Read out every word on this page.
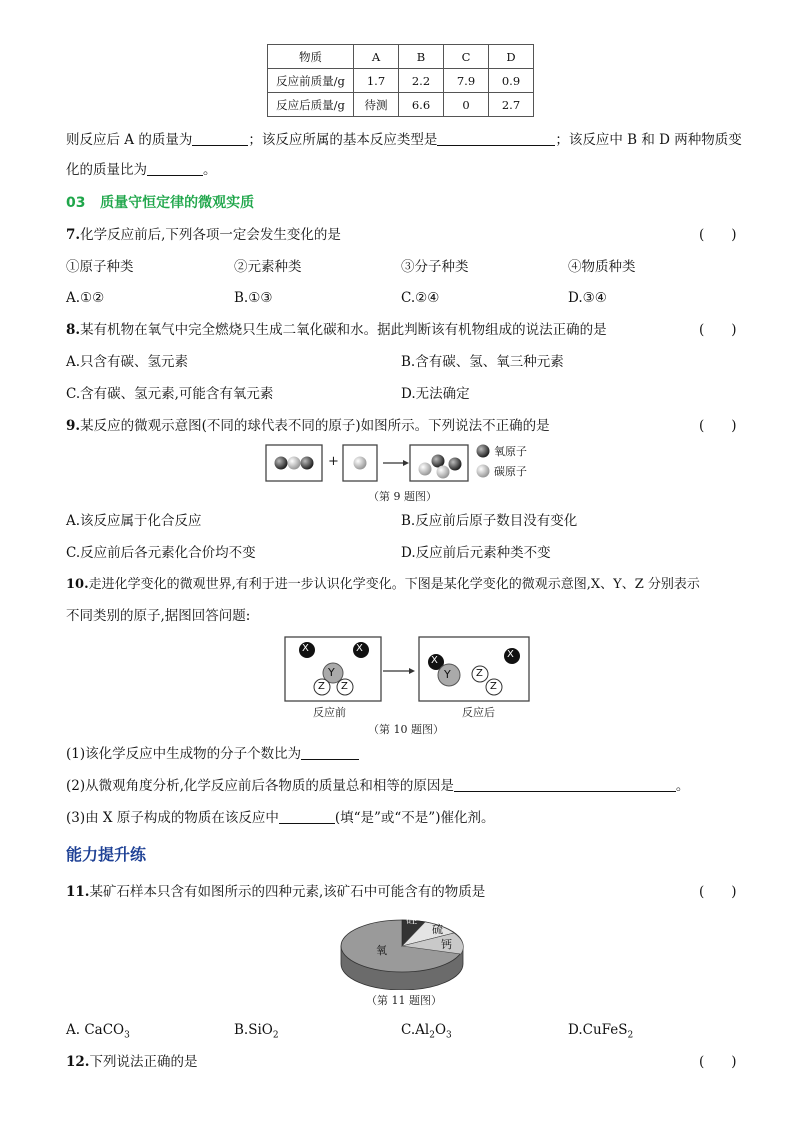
物质	A	B	C	D
反应前质量/g	1.7	2.2	7.9	0.9
反应后质量/g	待测	6.6	0	2.7
则反应后 A 的质量为	；该反应所属的基本反应类型是	；该反应中 B 和 D 两种物质变
化的质量比为	。
03 质量守恒定律的微观实质
7.化学反应前后,下列各项一定会发生变化的是	(　　)
①原子种类	②元素种类	③分子种类	④物质种类
A.①②	B.①③	C.②④	D.③④
8.某有机物在氧气中完全燃烧只生成二氧化碳和水。据此判断该有机物组成的说法正确的是	(　　)
A.只含有碳、氢元素	B.含有碳、氢、氧三种元素
C.含有碳、氢元素,可能含有氧元素	D.无法确定
9.某反应的微观示意图(不同的球代表不同的原子)如图所示。下列说法不正确的是	(　　)
+
氧原子
碳原子
（第 9 题图）
A.该反应属于化合反应	B.反应前后原子数目没有变化
C.反应前后各元素化合价均不变	D.反应前后元素种类不变
10.走进化学变化的微观世界,有利于进一步认识化学变化。下图是某化学变化的微观示意图,X、Y、Z 分别表示
不同类别的原子,据图回答问题:
X	X
Y
Z Z
X
Y	Z
Z
X
反应前	反应后
（第 10 题图）
(1)该化学反应中生成物的分子个数比为
(2)从微观角度分析,化学反应前后各物质的质量总和相等的原因是	。
(3)由 X 原子构成的物质在该反应中	(填“是”或“不是”)催化剂。
能力提升练
11.某矿石样本只含有如图所示的四种元素,该矿石中可能含有的物质是	(　　)
硅
硫
钙
氧
（第 11 题图）
A. CaCO$_3$	B.SiO$_2$	$C.Al_2O_3$	D.CuFeS$_2$
12.下列说法正确的是	(　　)
